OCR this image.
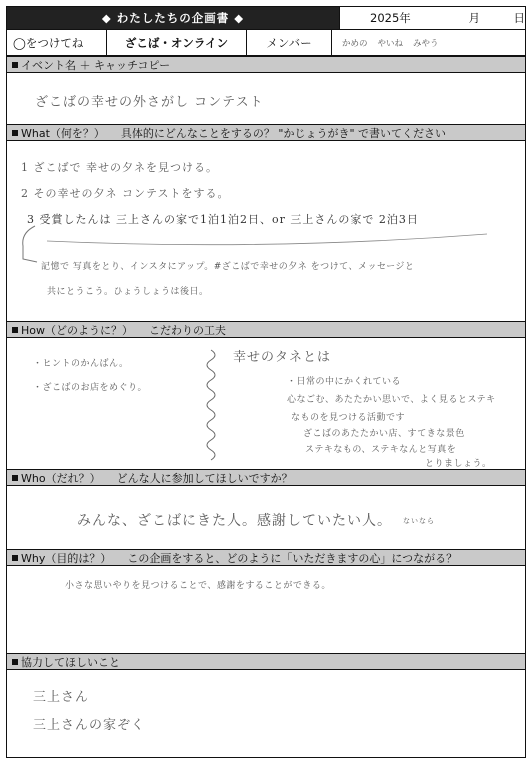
◆ わたしたちの企画書 ◆	2025年	月	日
◯をつけてね	ざこば・オンライン	メンバー	かめの やいね みやう
イベント名 ＋ キャッチコピー
ざこばの幸せの外さがし コンテスト
What（何を？） 具体的にどんなことをするの？ "かじょうがき" で書いてください
1 ざこばで 幸せの夕ネを見つける。
2 その幸せの夕ネ コンテストをする。
3 受賞したんは 三上さんの家で1泊1泊2日、or 三上さんの家で 2泊3日
記憶で 写真をとり、インスタにアップ。#ざこばで幸せの夕ネ をつけて、メッセージと
共にとうこう。ひょうしょうは後日。
How（どのように？） こだわりの工夫
・ヒントのかんばん。
・ざこばのお店をめぐり。
幸せのタネとは
・日常の中にかくれている
心なごむ、あたたかい思いで、よく見るとステキ
なものを見つける活動です
ざこばのあたたかい店、すてきな景色
ステキなもの、ステキなんと写真を
とりましょう。
Who（だれ？） どんな人に参加してほしいですか？
みんな、ざこばにきた人。感謝していたい人。 ないなら
Why（目的は？） この企画をすると、どのように「いただきますの心」につながる？
小さな思いやりを見つけることで、感謝をすることができる。
協力してほしいこと
三上さん
三上さんの家ぞく
